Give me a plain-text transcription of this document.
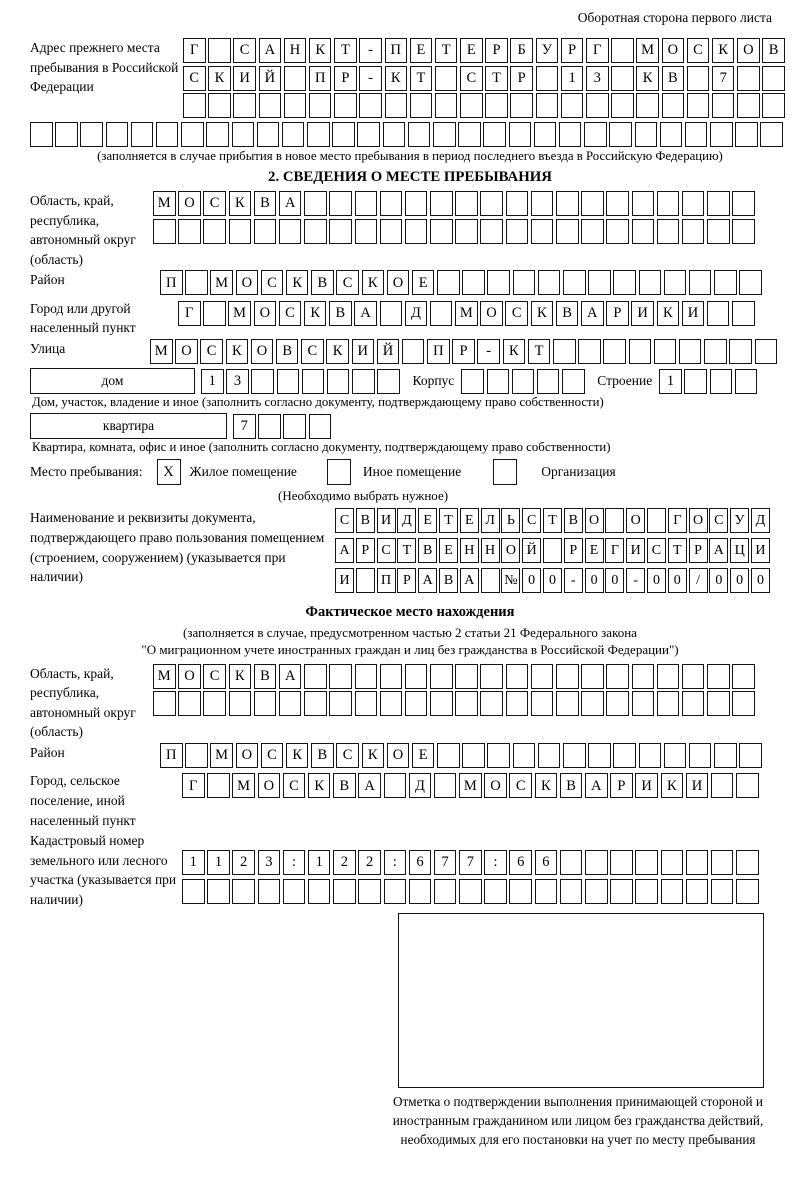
Оборотная сторона первого листа
Адрес прежнего места пребывания в Российской Федерации
Г	С	А	Н	К	Т	-	П	Е	Т	Е	Р	Б	У	Р	Г	М О	С	К	О	В
С	К	И	Й	П	Р	-	К	Т	С	Т	Р	1	3	К	В	7
(заполняется в случае прибытия в новое место пребывания в период последнего въезда в Российскую Федерацию)
2. СВЕДЕНИЯ О МЕСТЕ ПРЕБЫВАНИЯ
Область, край, республика, автономный округ (область)
М О	С	К	В	А
Район	П	М О	С	К	В	С	К	О	Е
Город или другой населенный пункт
Г	М О	С	К	В	А	Д	М О	С	К	В	А	Р	И	К	И
Улица	М О	С	К	О	В	С	К	И	Й	П	Р	-	К	Т
дом	1	3	Корпус	Строение	1
Дом, участок, владение и иное (заполнить согласно документу, подтверждающему право собственности)
квартира	7
Квартира, комната, офис и иное (заполнить согласно документу, подтверждающему право собственности)
Место пребывания:	X	Жилое помещение	Иное помещение	Организация
(Необходимо выбрать нужное)
Наименование и реквизиты документа, подтверждающего право пользования помещением (строением, сооружением) (указывается при наличии)
С В И Д Е Т Е Л Ь С Т В О	О	Г О С У Д
А Р С Т В Е Н Н О Й	Р Е Г И С Т Р А Ц И
И	П Р А В А	№ 0 0	-	0 0	-	0 0	/	0 0 0
Фактическое место нахождения
(заполняется в случае, предусмотренном частью 2 статьи 21 Федерального закона
"О миграционном учете иностранных граждан и лиц без гражданства в Российской Федерации")
Область, край, республика, автономный округ (область)
М О	С	К	В	А
Район	П	М О	С	К	В	С	К	О	Е
Город, сельское поселение, иной населенный пункт
Г	М О	С	К	В	А	Д	М О	С	К	В	А	Р	И	К	И
Кадастровый номер земельного или лесного участка (указывается при наличии)
1	1	2	3	:	1	2	2	:	6	7	7	:	6	6
Отметка о подтверждении выполнения принимающей стороной и иностранным гражданином или лицом без гражданства действий, необходимых для его постановки на учет по месту пребывания
